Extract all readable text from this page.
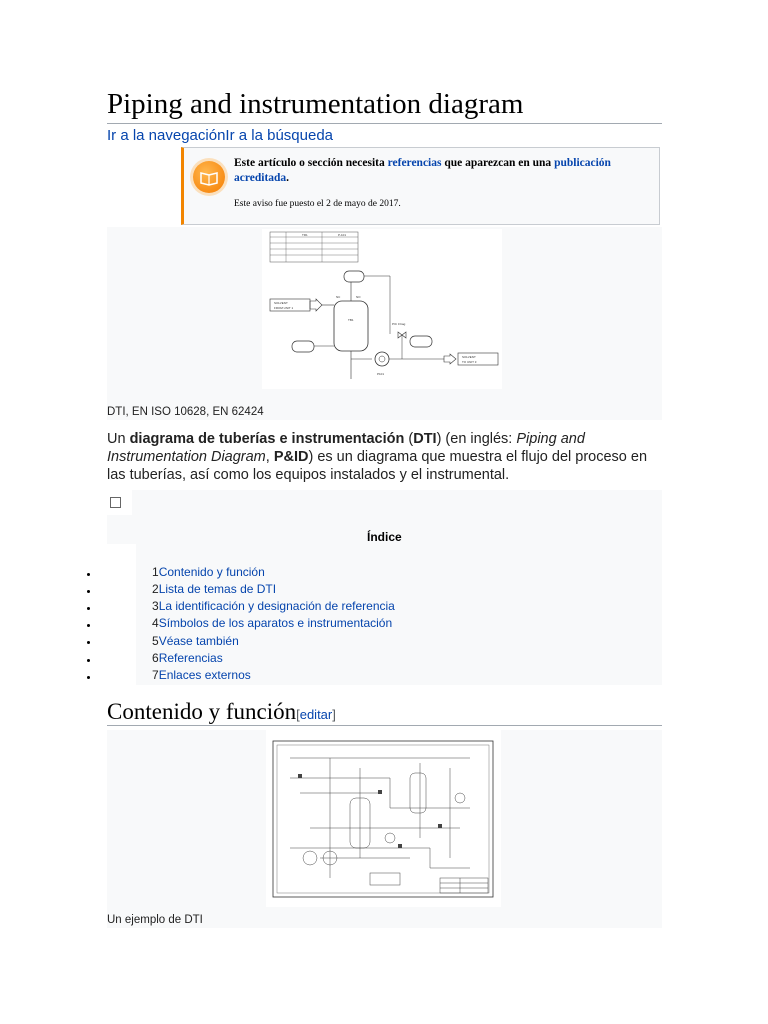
Piping and instrumentation diagram
Ir a la navegaciónIr a la búsqueda
Este artículo o sección necesita referencias que aparezcan en una publicación acreditada.
Este aviso fue puesto el 2 de mayo de 2017.
TR1	P-101
SOLVENT
FROM UNIT 1
P101
PIC 0 bag
SOLVENT
TO UNIT 3
TB1
NC	NO
DTI, EN ISO 10628, EN 62424
Un diagrama de tuberías e instrumentación (DTI) (en inglés: Piping and Instrumentation Diagram, P&ID) es un diagrama que muestra el flujo del proceso en las tuberías, así como los equipos instalados y el instrumental.
Índice
1Contenido y función
2Lista de temas de DTI
3La identificación y designación de referencia
4Símbolos de los aparatos e instrumentación
5Véase también
6Referencias
7Enlaces externos
Contenido y función[editar]
Un ejemplo de DTI
